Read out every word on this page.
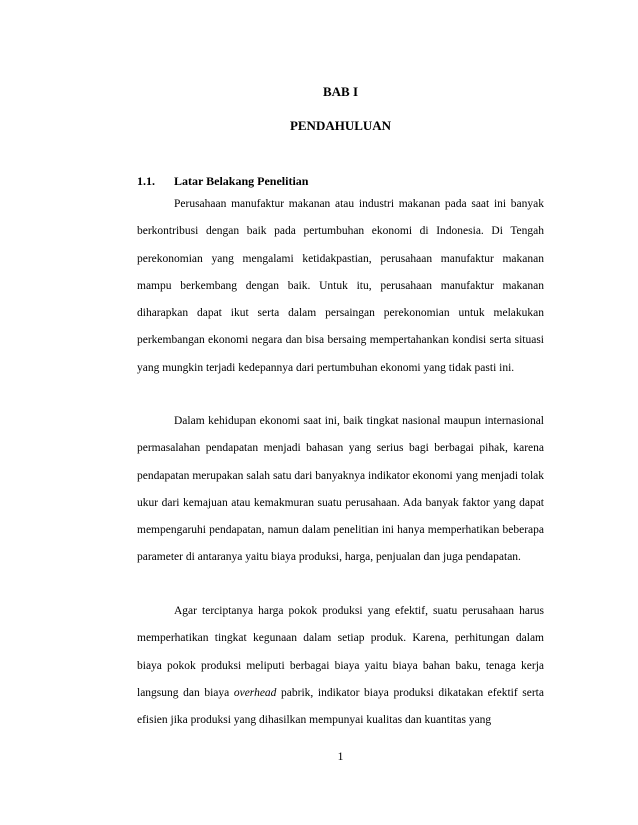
BAB I
PENDAHULUAN
1.1. Latar Belakang Penelitian

Perusahaan manufaktur makanan atau industri makanan pada saat ini banyak berkontribusi dengan baik pada pertumbuhan ekonomi di Indonesia. Di Tengah perekonomian yang mengalami ketidakpastian, perusahaan manufaktur makanan mampu berkembang dengan baik. Untuk itu, perusahaan manufaktur makanan diharapkan dapat ikut serta dalam persaingan perekonomian untuk melakukan perkembangan ekonomi negara dan bisa bersaing mempertahankan kondisi serta situasi yang mungkin terjadi kedepannya dari pertumbuhan ekonomi yang tidak pasti ini.

Dalam kehidupan ekonomi saat ini, baik tingkat nasional maupun internasional permasalahan pendapatan menjadi bahasan yang serius bagi berbagai pihak, karena pendapatan merupakan salah satu dari banyaknya indikator ekonomi yang menjadi tolak ukur dari kemajuan atau kemakmuran suatu perusahaan. Ada banyak faktor yang dapat mempengaruhi pendapatan, namun dalam penelitian ini hanya memperhatikan beberapa parameter di antaranya yaitu biaya produksi, harga, penjualan dan juga pendapatan.

Agar terciptanya harga pokok produksi yang efektif, suatu perusahaan harus memperhatikan tingkat kegunaan dalam setiap produk. Karena, perhitungan dalam biaya pokok produksi meliputi berbagai biaya yaitu biaya bahan baku, tenaga kerja langsung dan biaya overhead pabrik, indikator biaya produksi dikatakan efektif serta efisien jika produksi yang dihasilkan mempunyai kualitas dan kuantitas yang

1
